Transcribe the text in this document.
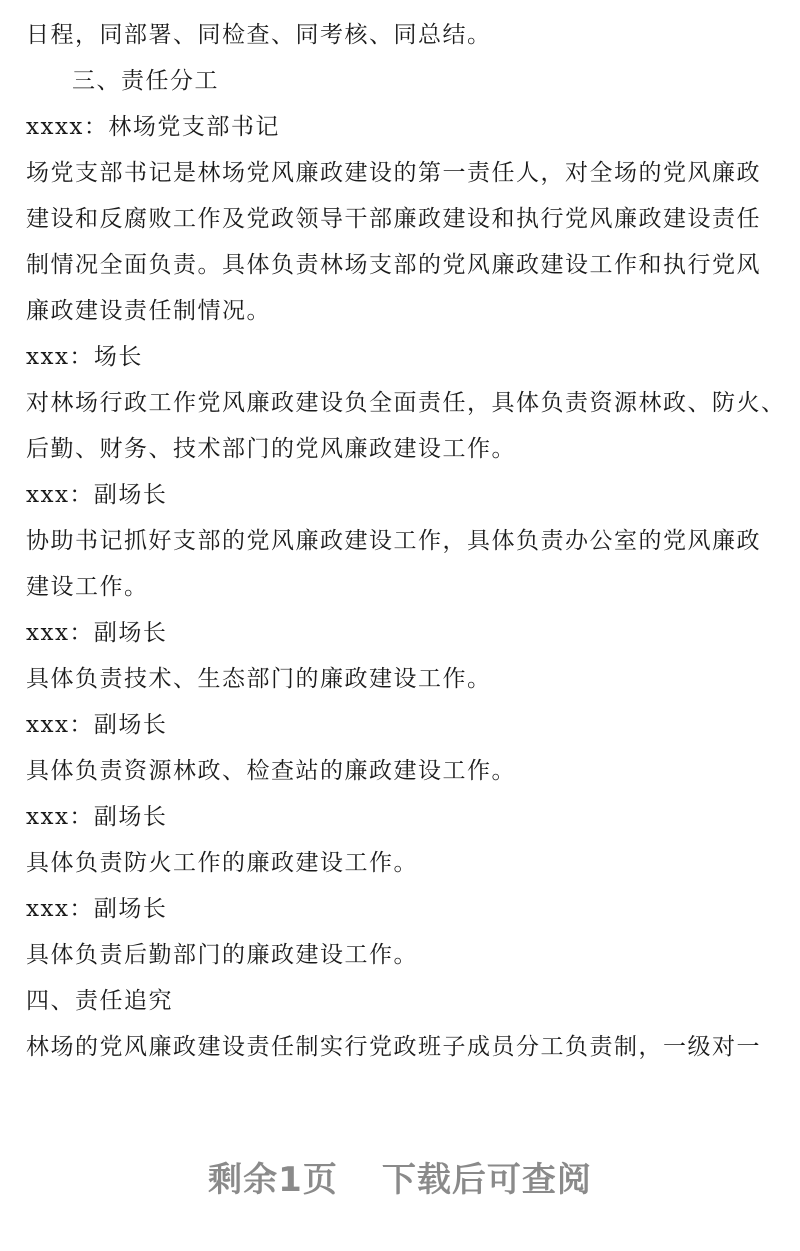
日程，同部署、同检查、同考核、同总结。
三、责任分工
xxxx：林场党支部书记
场党支部书记是林场党风廉政建设的第一责任人，对全场的党风廉政
建设和反腐败工作及党政领导干部廉政建设和执行党风廉政建设责任
制情况全面负责。具体负责林场支部的党风廉政建设工作和执行党风
廉政建设责任制情况。
xxx：场长
对林场行政工作党风廉政建设负全面责任，具体负责资源林政、防火、
后勤、财务、技术部门的党风廉政建设工作。
xxx：副场长
协助书记抓好支部的党风廉政建设工作，具体负责办公室的党风廉政
建设工作。
xxx：副场长
具体负责技术、生态部门的廉政建设工作。
xxx：副场长
具体负责资源林政、检查站的廉政建设工作。
xxx：副场长
具体负责防火工作的廉政建设工作。
xxx：副场长
具体负责后勤部门的廉政建设工作。
四、责任追究
林场的党风廉政建设责任制实行党政班子成员分工负责制，一级对一
剩余1页 下载后可查阅
